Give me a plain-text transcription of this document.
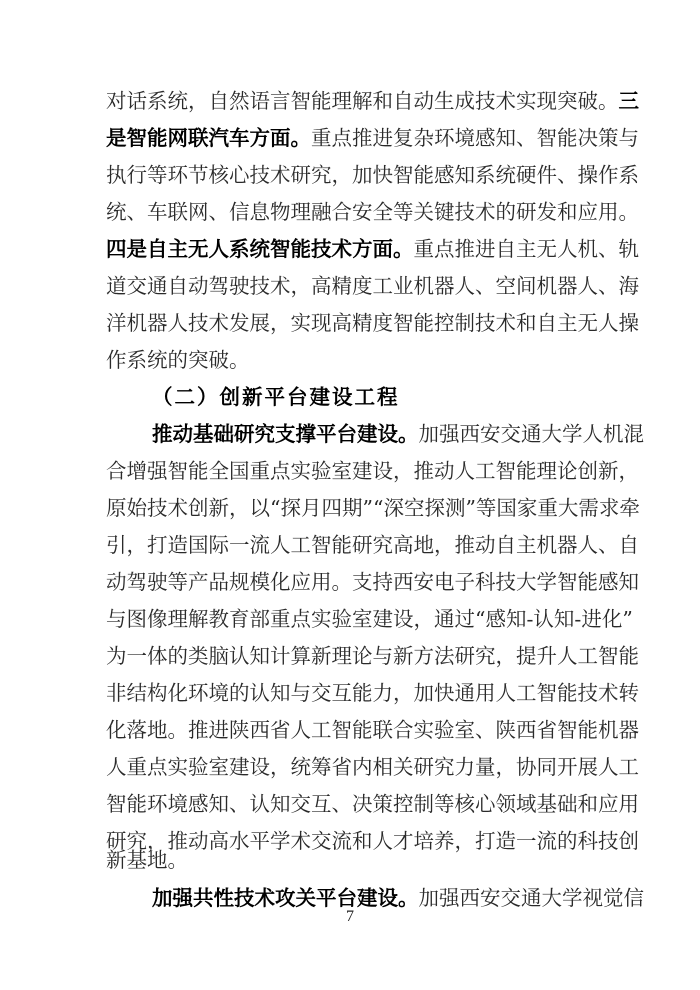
对话系统，自然语言智能理解和自动生成技术实现突破。三
是智能网联汽车方面。重点推进复杂环境感知、智能决策与
执行等环节核心技术研究，加快智能感知系统硬件、操作系
统、车联网、信息物理融合安全等关键技术的研发和应用。
四是自主无人系统智能技术方面。重点推进自主无人机、轨
道交通自动驾驶技术，高精度工业机器人、空间机器人、海
洋机器人技术发展，实现高精度智能控制技术和自主无人操
作系统的突破。
（二）创新平台建设工程
推动基础研究支撑平台建设。加强西安交通大学人机混
合增强智能全国重点实验室建设，推动人工智能理论创新，
原始技术创新，以“探月四期”“深空探测”等国家重大需求牵
引，打造国际一流人工智能研究高地，推动自主机器人、自
动驾驶等产品规模化应用。支持西安电子科技大学智能感知
与图像理解教育部重点实验室建设，通过“感知-认知-进化”
为一体的类脑认知计算新理论与新方法研究，提升人工智能
非结构化环境的认知与交互能力，加快通用人工智能技术转
化落地。推进陕西省人工智能联合实验室、陕西省智能机器
人重点实验室建设，统筹省内相关研究力量，协同开展人工
智能环境感知、认知交互、决策控制等核心领域基础和应用
研究，推动高水平学术交流和人才培养，打造一流的科技创
新基地。
加强共性技术攻关平台建设。加强西安交通大学视觉信
7
